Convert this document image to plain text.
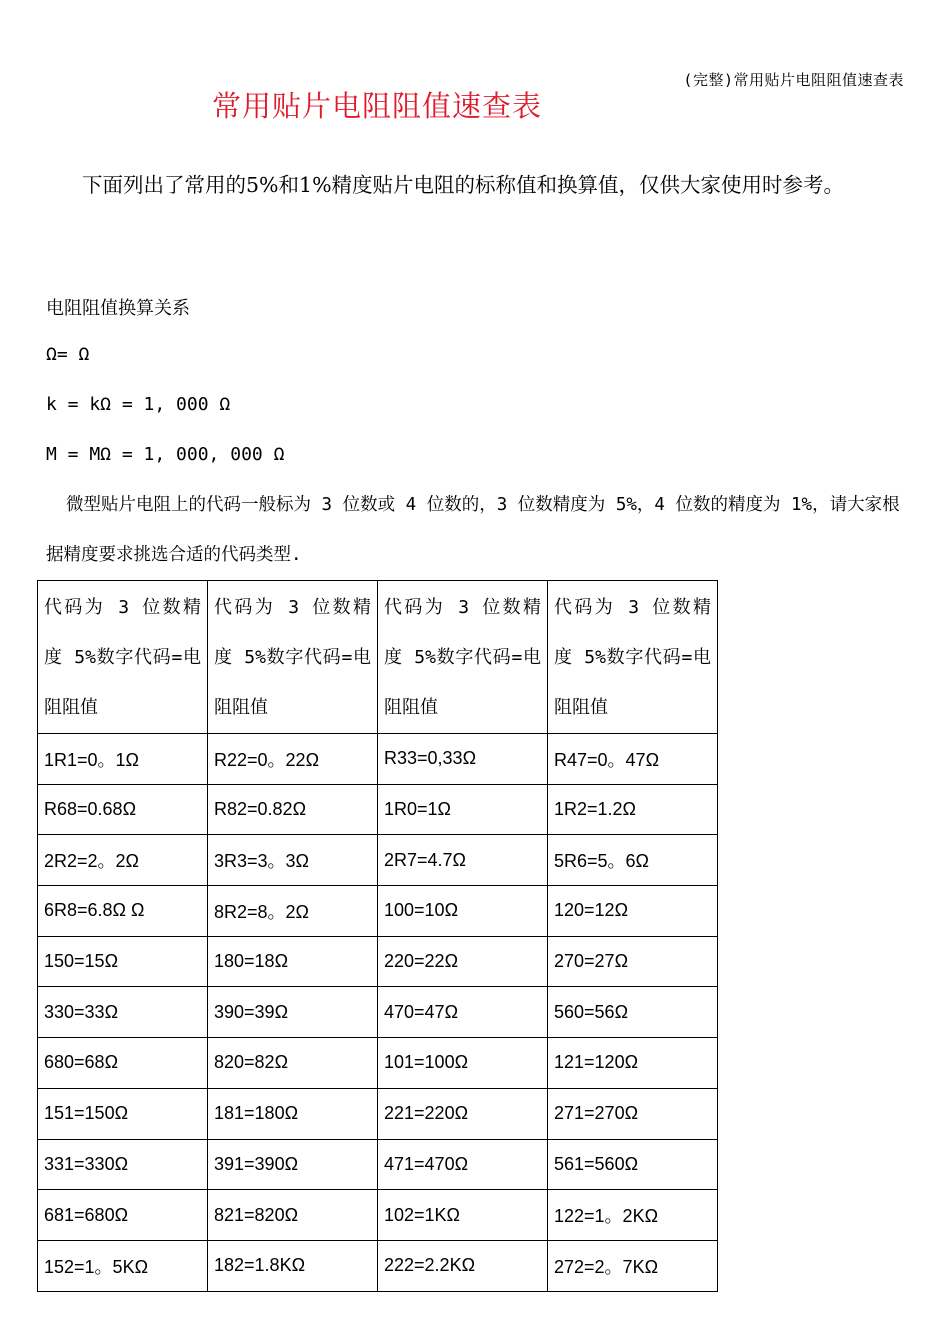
(完整)常用贴片电阻阻值速查表
常用贴片电阻阻值速查表
下面列出了常用的5%和1%精度贴片电阻的标称值和换算值，仅供大家使用时参考。
电阻阻值换算关系
Ω= Ω
k = kΩ = 1, 000 Ω
M = MΩ = 1, 000, 000 Ω
微型贴片电阻上的代码一般标为 3 位数或 4 位数的，3 位数精度为 5%，4 位数的精度为 1%，请大家根据精度要求挑选合适的代码类型.
代码为 3 位数精度 5%数字代码=电阻阻值	代码为 3 位数精度 5%数字代码=电阻阻值	代码为 3 位数精度 5%数字代码=电阻阻值	代码为 3 位数精度 5%数字代码=电阻阻值
1R1=0。1Ω	R22=0。22Ω	R33=0,33Ω	R47=0。47Ω
R68=0.68Ω	R82=0.82Ω	1R0=1Ω	1R2=1.2Ω
2R2=2。2Ω	3R3=3。3Ω	2R7=4.7Ω	5R6=5。6Ω
6R8=6.8Ω Ω	8R2=8。2Ω	100=10Ω	120=12Ω
150=15Ω	180=18Ω	220=22Ω	270=27Ω
330=33Ω	390=39Ω	470=47Ω	560=56Ω
680=68Ω	820=82Ω	101=100Ω	121=120Ω
151=150Ω	181=180Ω	221=220Ω	271=270Ω
331=330Ω	391=390Ω	471=470Ω	561=560Ω
681=680Ω	821=820Ω	102=1KΩ	122=1。2KΩ
152=1。5KΩ	182=1.8KΩ	222=2.2KΩ	272=2。7KΩ
